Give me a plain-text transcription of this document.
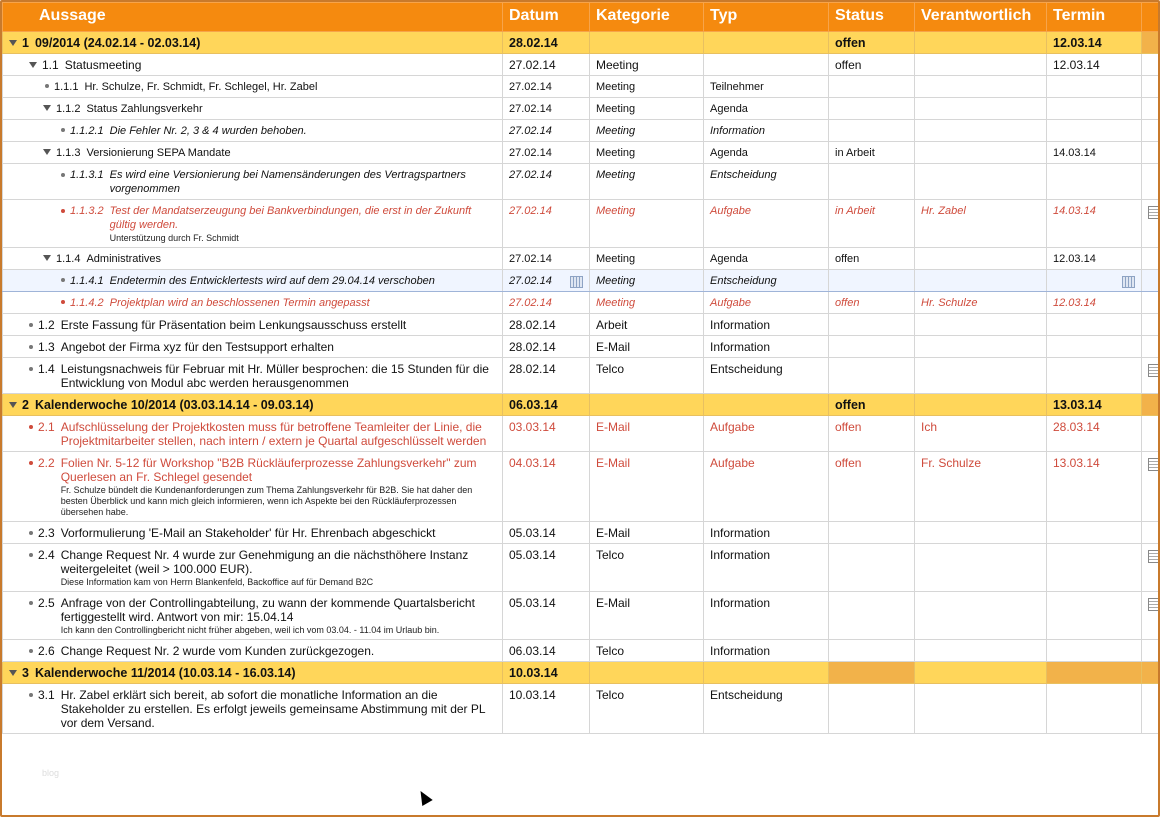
Aussage	Datum	Kategorie	Typ	Status	Verantwortlich	Termin	
1 09/2014 (24.02.14 - 02.03.14)	28.02.14			offen		12.03.14	
1.1 Statusmeeting	27.02.14	Meeting		offen		12.03.14	
1.1.1 Hr. Schulze, Fr. Schmidt, Fr. Schlegel, Hr. Zabel	27.02.14	Meeting	Teilnehmer				
1.1.2 Status Zahlungsverkehr	27.02.14	Meeting	Agenda				
1.1.2.1 Die Fehler Nr. 2, 3 & 4 wurden behoben.	27.02.14	Meeting	Information				
1.1.3 Versionierung SEPA Mandate	27.02.14	Meeting	Agenda	in Arbeit		14.03.14	

1.1.3.1 Es wird eine Versionierung bei Namensänderungen des Vertragspartners vorgenommen	27.02.14	Meeting	Entscheidung				

1.1.3.2 Test der Mandatserzeugung bei Bankverbindungen, die erst in der Zukunft gültig werden.
Unterstützung durch Fr. Schmidt	27.02.14	Meeting	Aufgabe	in Arbeit	Hr. Zabel	14.03.14	
1.1.4 Administratives	27.02.14	Meeting	Agenda	offen		12.03.14	
1.1.4.1 Endetermin des Entwicklertests wird auf dem 29.04.14 verschoben	27.02.14	Meeting	Entscheidung			

1.1.4.2 Projektplan wird an beschlossenen Termin angepasst	27.02.14	Meeting	Aufgabe	offen	Hr. Schulze	12.03.14	
1.2 Erste Fassung für Präsentation beim Lenkungsausschuss erstellt	28.02.14	Arbeit	Information				
1.3 Angebot der Firma xyz für den Testsupport erhalten	28.02.14	E-Mail	Information				

1.4 Leistungsnachweis für Februar mit Hr. Müller besprochen: die 15 Stunden für die Entwicklung von Modul abc werden herausgenommen	28.02.14	Telco	Entscheidung				
2 Kalenderwoche 10/2014 (03.03.14.14 - 09.03.14)	06.03.14			offen		13.03.14	

2.1 Aufschlüsselung der Projektkosten muss für betroffene Teamleiter der Linie, die Projektmitarbeiter stellen, nach intern / extern je Quartal aufgeschlüsselt werden	03.03.14	E-Mail	Aufgabe	offen	Ich	28.03.14	

2.2 Folien Nr. 5-12 für Workshop "B2B Rückläuferprozesse Zahlungsverkehr" zum Querlesen an Fr. Schlegel gesendet
Fr. Schulze bündelt die Kundenanforderungen zum Thema Zahlungsverkehr für B2B. Sie hat daher den besten Überblick und kann mich gleich informieren, wenn ich Aspekte bei den Rückläuferprozessen übersehen habe.	04.03.14	E-Mail	Aufgabe	offen	Fr. Schulze	13.03.14	
2.3 Vorformulierung 'E-Mail an Stakeholder' für Hr. Ehrenbach abgeschickt	05.03.14	E-Mail	Information				

2.4 Change Request Nr. 4 wurde zur Genehmigung an die nächsthöhere Instanz weitergeleitet (weil > 100.000 EUR).
Diese Information kam von Herrn Blankenfeld, Backoffice auf für Demand B2C	05.03.14	Telco	Information				

2.5 Anfrage von der Controllingabteilung, zu wann der kommende Quartalsbericht fertiggestellt wird. Antwort von mir: 15.04.14
Ich kann den Controllingbericht nicht früher abgeben, weil ich vom 03.04. - 11.04 im Urlaub bin.	05.03.14	E-Mail	Information				
2.6 Change Request Nr. 2 wurde vom Kunden zurückgezogen.	06.03.14	Telco	Information				
3 Kalenderwoche 11/2014 (10.03.14 - 16.03.14)	10.03.14						

3.1 Hr. Zabel erklärt sich bereit, ab sofort die monatliche Information an die Stakeholder zu erstellen. Es erfolgt jeweils gemeinsame Abstimmung mit der PL vor dem Versand.	10.03.14	Telco	Entscheidung				
blog
